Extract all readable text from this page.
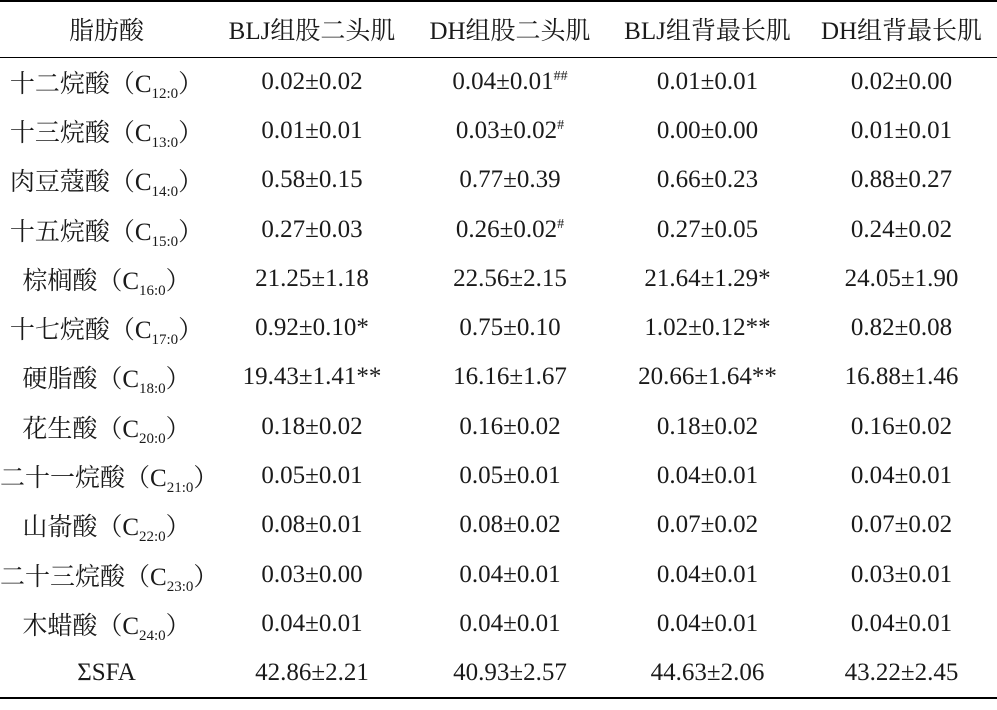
脂肪酸	BLJ组股二头肌	DH组股二头肌	BLJ组背最长肌	DH组背最长肌
十二烷酸$(C_{12:0})$	0.02±0.02	0.04±0.01##	0.01±0.01	0.02±0.00
十三烷酸$(C_{13:0})$	0.01±0.01	0.03±0.02#	0.00±0.00	0.01±0.01
肉豆蔻酸$(C_{14:0})$	0.58±0.15	0.77±0.39	0.66±0.23	0.88±0.27
十五烷酸$(C_{15:0})$	0.27±0.03	0.26±0.02#	0.27±0.05	0.24±0.02
棕榈酸$(C_{16:0})$	21.25±1.18	22.56±2.15	21.64±1.29*	24.05±1.90
十七烷酸$(C_{17:0})$	0.92±0.10*	0.75±0.10	1.02±0.12**	0.82±0.08
硬脂酸$(C_{18:0})$	19.43±1.41**	16.16±1.67	20.66±1.64**	16.88±1.46
花生酸$(C_{20:0})$	0.18±0.02	0.16±0.02	0.18±0.02	0.16±0.02
二十一烷酸$(C_{21:0})$	0.05±0.01	0.05±0.01	0.04±0.01	0.04±0.01
山嵛酸$(C_{22:0})$	0.08±0.01	0.08±0.02	0.07±0.02	0.07±0.02
二十三烷酸$(C_{23:0})$	0.03±0.00	0.04±0.01	0.04±0.01	0.03±0.01
木蜡酸$(C_{24:0})$	0.04±0.01	0.04±0.01	0.04±0.01	0.04±0.01
ΣSFA	42.86±2.21	40.93±2.57	44.63±2.06	43.22±2.45
